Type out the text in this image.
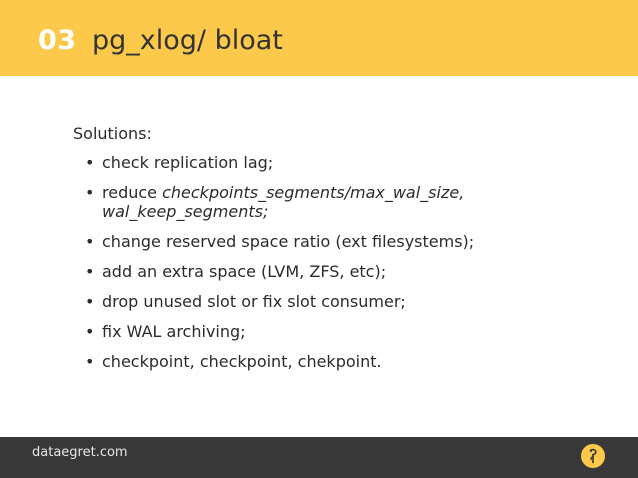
03 pg_xlog/ bloat
Solutions:
• check replication lag;
• reduce checkpoints_segments/max_wal_size, wal_keep_segments;
• change reserved space ratio (ext filesystems);
• add an extra space (LVM, ZFS, etc);
• drop unused slot or fix slot consumer;
• fix WAL archiving;
• checkpoint, checkpoint, chekpoint.
dataegret.com
